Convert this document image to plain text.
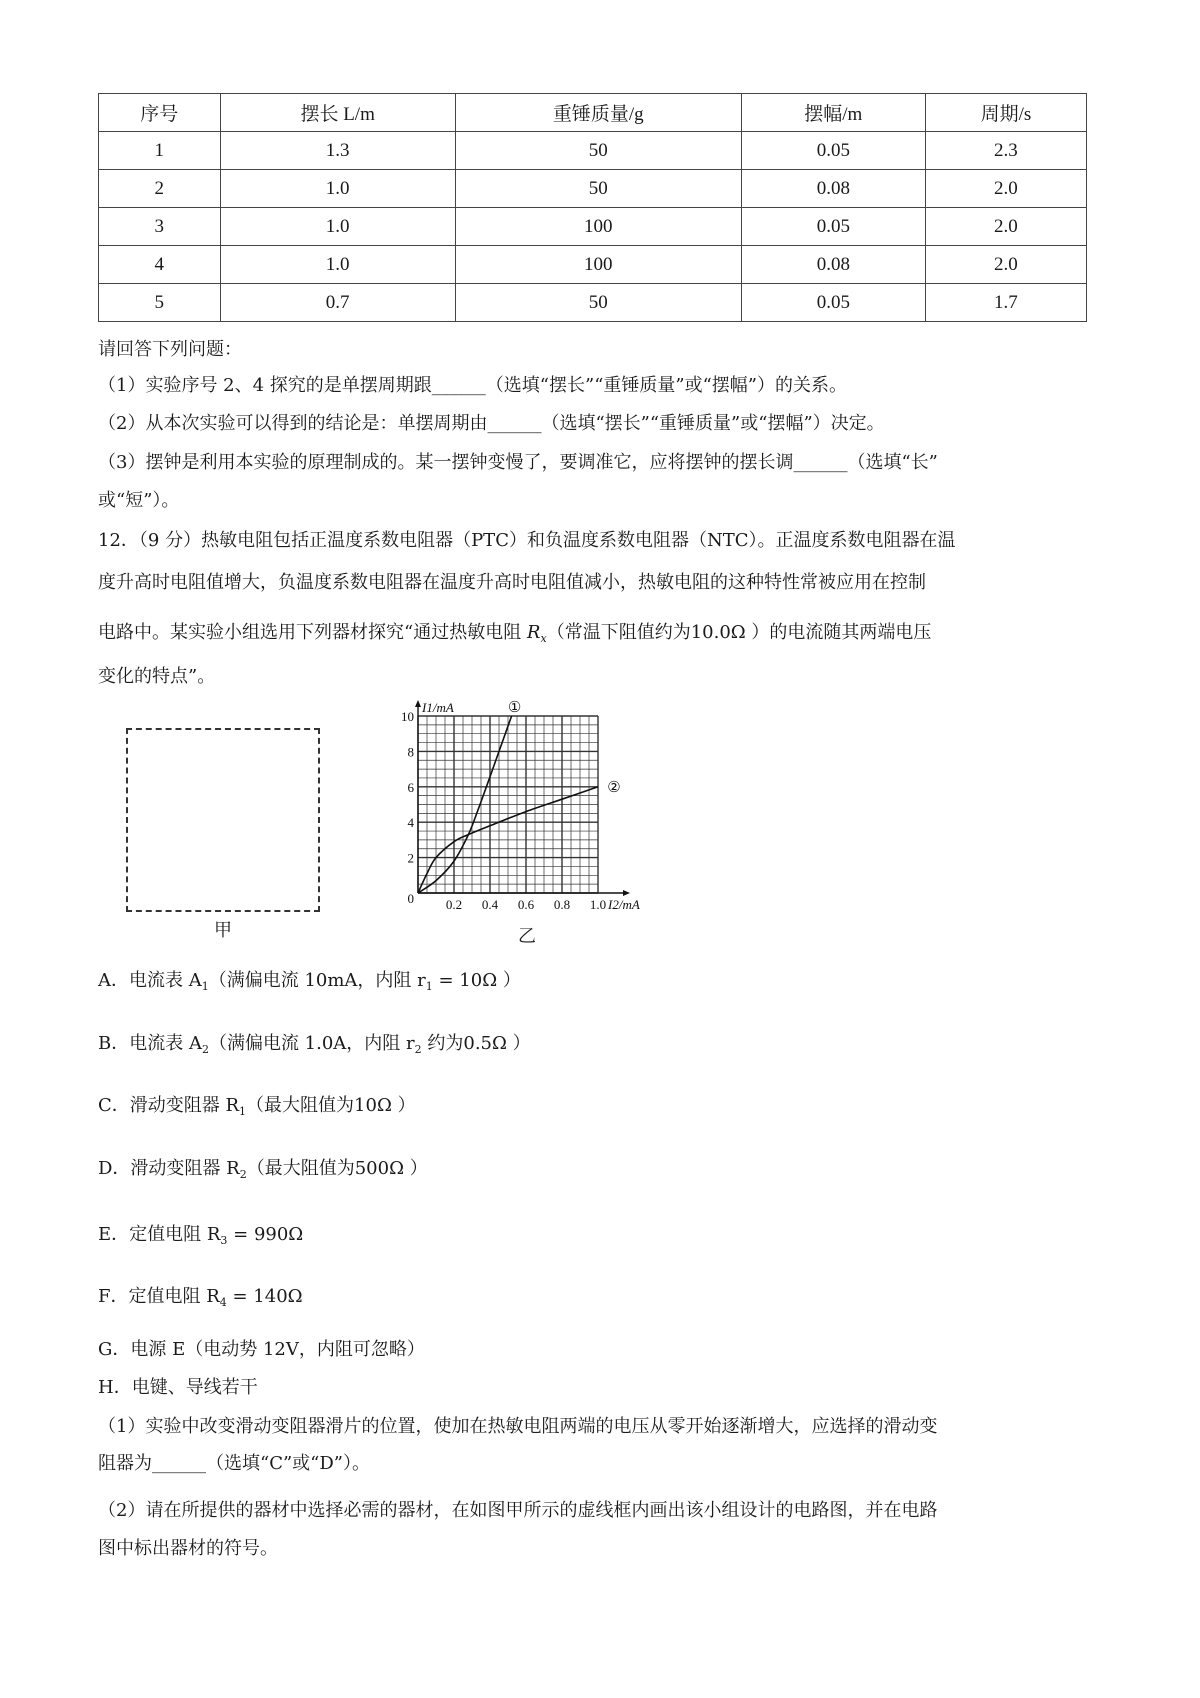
序号	摆长 L/m	重锤质量/g	摆幅/m	周期/s
1	1.3	50	0.05	2.3
2	1.0	50	0.08	2.0
3	1.0	100	0.05	2.0
4	1.0	100	0.08	2.0
5	0.7	50	0.05	1.7
请回答下列问题：
（1）实验序号 2、4 探究的是单摆周期跟______（选填“摆长”“重锤质量”或“摆幅”）的关系。
（2）从本次实验可以得到的结论是：单摆周期由______（选填“摆长”“重锤质量”或“摆幅”）决定。
（3）摆钟是利用本实验的原理制成的。某一摆钟变慢了，要调准它，应将摆钟的摆长调______（选填“长”
或“短”）。
12．（9 分）热敏电阻包括正温度系数电阻器（PTC）和负温度系数电阻器（NTC）。正温度系数电阻器在温
度升高时电阻值增大，负温度系数电阻器在温度升高时电阻值减小，热敏电阻的这种特性常被应用在控制
电路中。某实验小组选用下列器材探究“通过热敏电阻 $R_x$（常温下阻值约为10.0Ω ）的电流随其两端电压
变化的特点”。
甲
0.2 0.4 0.6 0.8 1.0
2
4
6
8
10
0
I1/mA
I2/mA
①
②
乙
A．电流表 $A_1$（满偏电流 10mA，内阻 $r_1 = 10\Omega$ ）
B．电流表 $A_2$（满偏电流 1.0A，内阻 $r_2$ 约为0.5Ω ）
C．滑动变阻器 $R_1$（最大阻值为10Ω ）
D．滑动变阻器 $R_2$（最大阻值为500Ω ）
E．定值电阻 $R_3 = 990\Omega$
F．定值电阻 $R_4 = 140\Omega$
G．电源 E（电动势 12V，内阻可忽略）
H．电键、导线若干
（1）实验中改变滑动变阻器滑片的位置，使加在热敏电阻两端的电压从零开始逐渐增大，应选择的滑动变
阻器为______（选填“C”或“D”）。
（2）请在所提供的器材中选择必需的器材，在如图甲所示的虚线框内画出该小组设计的电路图，并在电路
图中标出器材的符号。
